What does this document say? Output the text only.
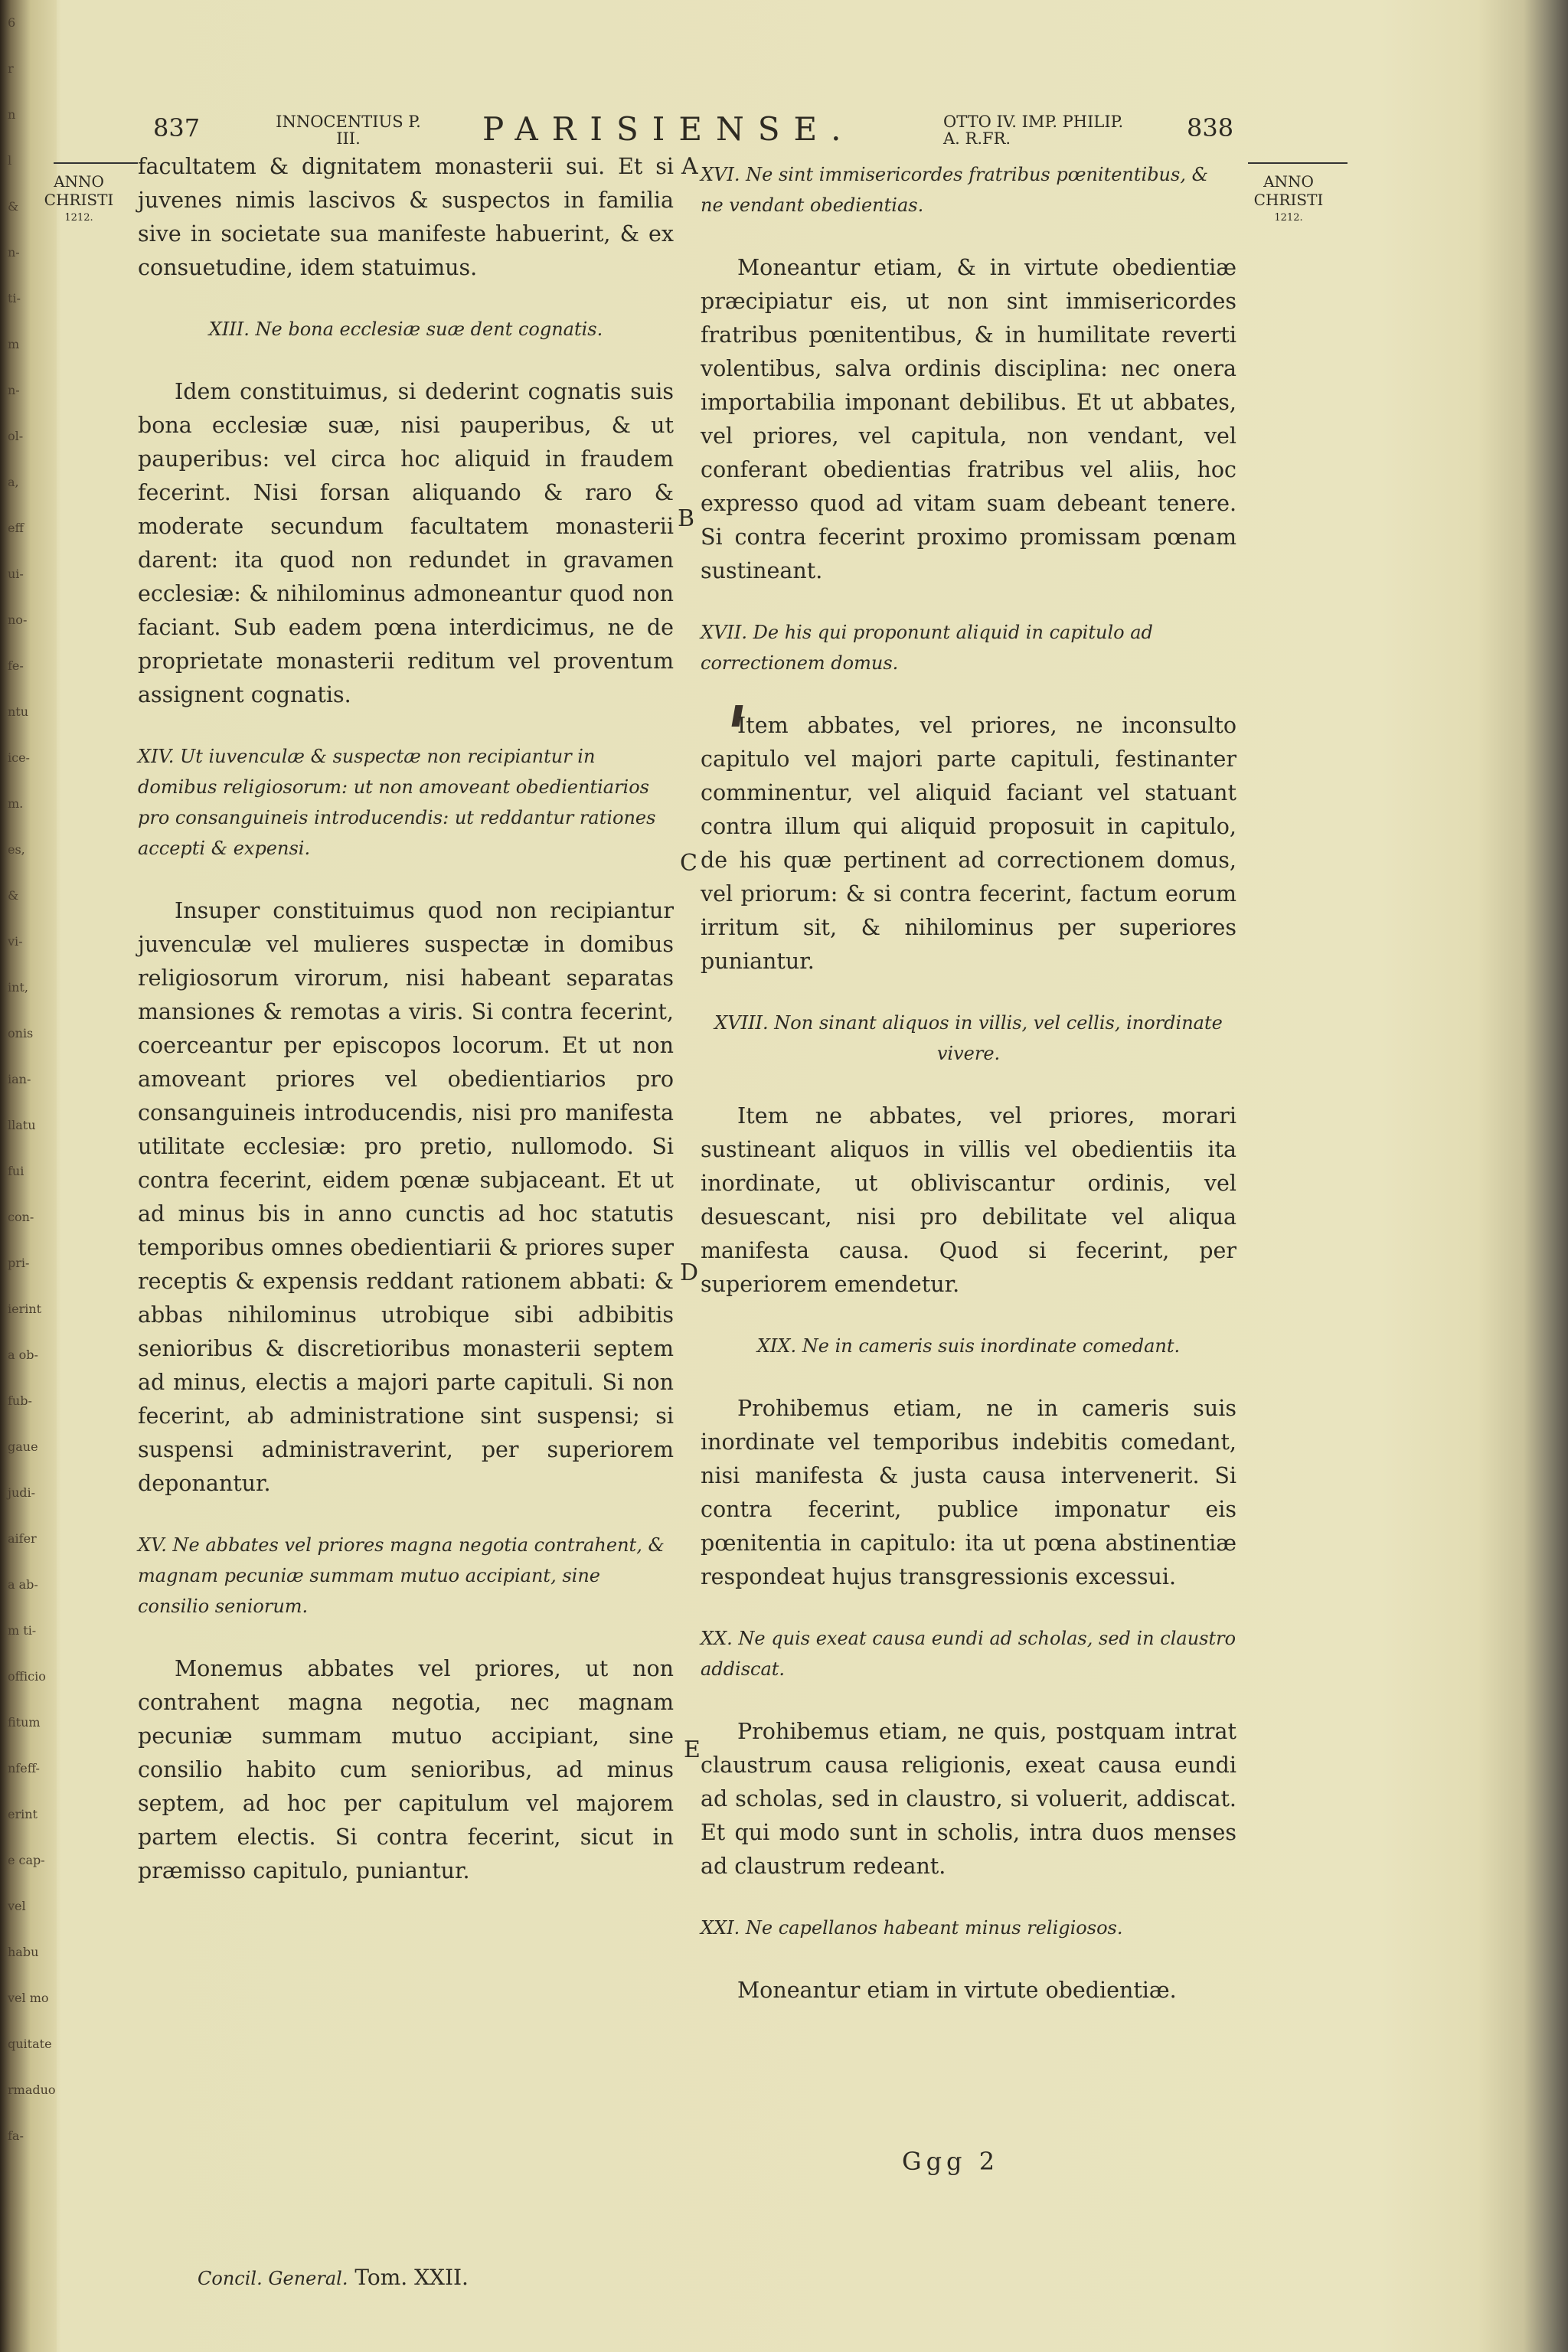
6
r
n
l
&
n-
ti-
m
n-
ol-
a,
eff
ui-
no-
fe-
ntu
ice-
m.
es,
&
vi-
int,
onis
ian-
llatu
fui
con-
pri-
ierint
a ob-
fub-
gaue
judi-
aifer
a ab-
m ti-
officio
fitum
nfeff-
erint
e cap-
vel
habu
vel mo
quitate
rmaduo
fa-
837	INNOCENTIUS P. III.	PARISIENSE.	OTTO IV. IMP. PHILIP. A. R.FR.	838
ANNO CHRISTI
1212.
ANNO CHRISTI
1212.
A
B
C
D
E

facultatem & dignitatem monasterii sui. Et si juvenes nimis lascivos & suspectos in familia sive in societate sua manifeste habuerint, & ex consuetudine, idem statuimus.

XIII. Ne bona ecclesiæ suæ dent cognatis.

Idem constituimus, si dederint cognatis suis bona ecclesiæ suæ, nisi pauperibus, & ut pauperibus: vel circa hoc aliquid in fraudem fecerint. Nisi forsan aliquando & raro & moderate secundum facultatem monasterii darent: ita quod non redundet in gravamen ecclesiæ: & nihilominus admoneantur quod non faciant. Sub eadem pœna interdicimus, ne de proprietate monasterii reditum vel proventum assignent cognatis.

XIV. Ut iuvenculæ & suspectæ non recipiantur in domibus religiosorum: ut non amoveant obedientiarios pro consanguineis introducendis: ut reddantur rationes accepti & expensi.

Insuper constituimus quod non recipiantur juvenculæ vel mulieres suspectæ in domibus religiosorum virorum, nisi habeant separatas mansiones & remotas a viris. Si contra fecerint, coerceantur per episcopos locorum. Et ut non amoveant priores vel obedientiarios pro consanguineis introducendis, nisi pro manifesta utilitate ecclesiæ: pro pretio, nullomodo. Si contra fecerint, eidem pœnæ subjaceant. Et ut ad minus bis in anno cunctis ad hoc statutis temporibus omnes obedientiarii & priores super receptis & expensis reddant rationem abbati: & abbas nihilominus utrobique sibi adbibitis senioribus & discretioribus monasterii septem ad minus, electis a majori parte capituli. Si non fecerint, ab administratione sint suspensi; si suspensi administraverint, per superiorem deponantur.

XV. Ne abbates vel priores magna negotia contrahent, & magnam pecuniæ summam mutuo accipiant, sine consilio seniorum.

Monemus abbates vel priores, ut non contrahent magna negotia, nec magnam pecuniæ summam mutuo accipiant, sine consilio habito cum senioribus, ad minus septem, ad hoc per capitulum vel majorem partem electis. Si contra fecerint, sicut in præmisso capitulo, puniantur.

XVI. Ne sint immisericordes fratribus pœnitentibus, & ne vendant obedientias.

Moneantur etiam, & in virtute obedientiæ præcipiatur eis, ut non sint immisericordes fratribus pœnitentibus, & in humilitate reverti volentibus, salva ordinis disciplina: nec onera importabilia imponant debilibus. Et ut abbates, vel priores, vel capitula, non vendant, vel conferant obedientias fratribus vel aliis, hoc expresso quod ad vitam suam debeant tenere. Si contra fecerint proximo promissam pœnam sustineant.

XVII. De his qui proponunt aliquid in capitulo ad correctionem domus.

Item abbates, vel priores, ne inconsulto capitulo vel majori parte capituli, festinanter comminentur, vel aliquid faciant vel statuant contra illum qui aliquid proposuit in capitulo, de his quæ pertinent ad correctionem domus, vel priorum: & si contra fecerint, factum eorum irritum sit, & nihilominus per superiores puniantur.

XVIII. Non sinant aliquos in villis, vel cellis, inordinate vivere.

Item ne abbates, vel priores, morari sustineant aliquos in villis vel obedientiis ita inordinate, ut obliviscantur ordinis, vel desuescant, nisi pro debilitate vel aliqua manifesta causa. Quod si fecerint, per superiorem emendetur.

XIX. Ne in cameris suis inordinate comedant.

Prohibemus etiam, ne in cameris suis inordinate vel temporibus indebitis comedant, nisi manifesta & justa causa intervenerit. Si contra fecerint, publice imponatur eis pœnitentia in capitulo: ita ut pœna abstinentiæ respondeat hujus transgressionis excessui.

XX. Ne quis exeat causa eundi ad scholas, sed in claustro addiscat.

Prohibemus etiam, ne quis, postquam intrat claustrum causa religionis, exeat causa eundi ad scholas, sed in claustro, si voluerit, addiscat. Et qui modo sunt in scholis, intra duos menses ad claustrum redeant.

XXI. Ne capellanos habeant minus religiosos.

Moneantur etiam in virtute obedientiæ.

Concil. General. Tom. XXII.
Ggg 2
